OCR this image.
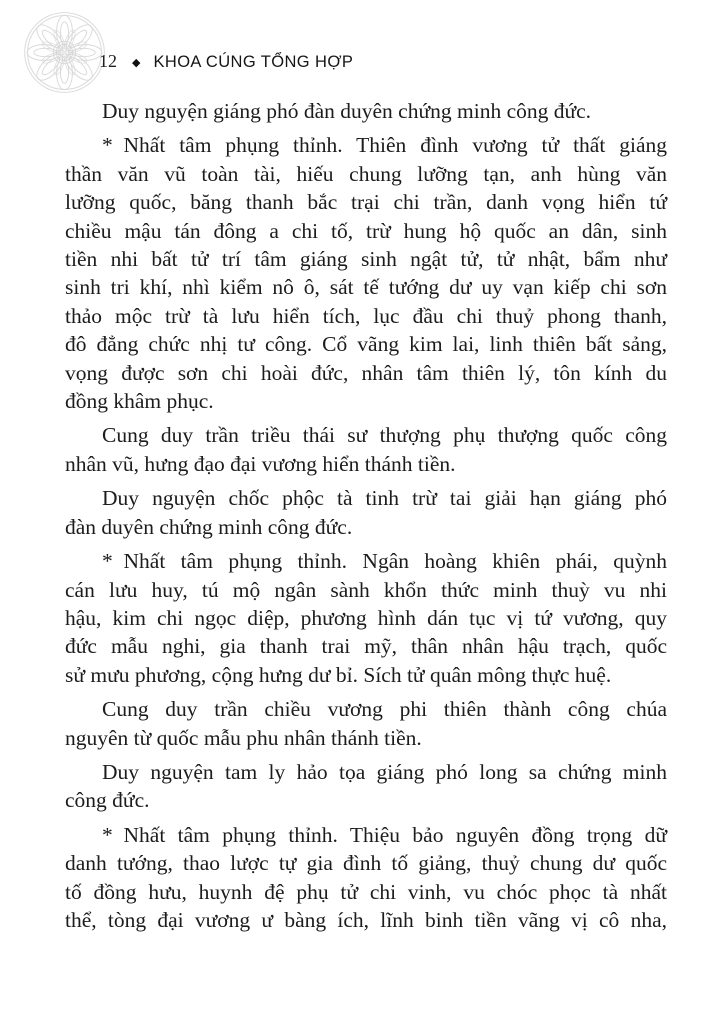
12 ◆ KHOA CÚNG TỔNG HỢP
Duy nguyện giáng phó đàn duyên chứng minh công đức.
* Nhất tâm phụng thỉnh. Thiên đình vương tử thất giáng
thần văn vũ toàn tài, hiếu chung lưỡng tạn, anh hùng văn
lưỡng quốc, băng thanh bắc trại chi trần, danh vọng hiển tứ
chiều mậu tán đông a chi tố, trừ hung hộ quốc an dân, sinh
tiền nhi bất tử trí tâm giáng sinh ngật tử, tử nhật, bẩm như
sinh tri khí, nhì kiểm nô ô, sát tế tướng dư uy vạn kiếp chi sơn
thảo mộc trừ tà lưu hiển tích, lục đầu chi thuỷ phong thanh,
đô đẳng chức nhị tư công. Cổ vãng kim lai, linh thiên bất sảng,
vọng được sơn chi hoài đức, nhân tâm thiên lý, tôn kính du
đồng khâm phục.
Cung duy trần triều thái sư thượng phụ thượng quốc công
nhân vũ, hưng đạo đại vương hiển thánh tiền.
Duy nguyện chốc phộc tà tinh trừ tai giải hạn giáng phó
đàn duyên chứng minh công đức.
* Nhất tâm phụng thỉnh. Ngân hoàng khiên phái, quỳnh
cán lưu huy, tú mộ ngân sành khổn thức minh thuỳ vu nhi
hậu, kim chi ngọc diệp, phương hình dán tục vị tứ vương, quy
đức mẫu nghi, gia thanh trai mỹ, thân nhân hậu trạch, quốc
sử mưu phương, cộng hưng dư bỉ. Sích tử quân mông thực huệ.
Cung duy trần chiều vương phi thiên thành công chúa
nguyên từ quốc mẫu phu nhân thánh tiền.
Duy nguyện tam ly hảo tọa giáng phó long sa chứng minh
công đức.
* Nhất tâm phụng thỉnh. Thiệu bảo nguyên đồng trọng dữ
danh tướng, thao lược tự gia đình tố giảng, thuỷ chung dư quốc
tố đồng hưu, huynh đệ phụ tử chi vinh, vu chóc phọc tà nhất
thể, tòng đại vương ư bàng ích, lĩnh binh tiền vãng vị cô nha,
